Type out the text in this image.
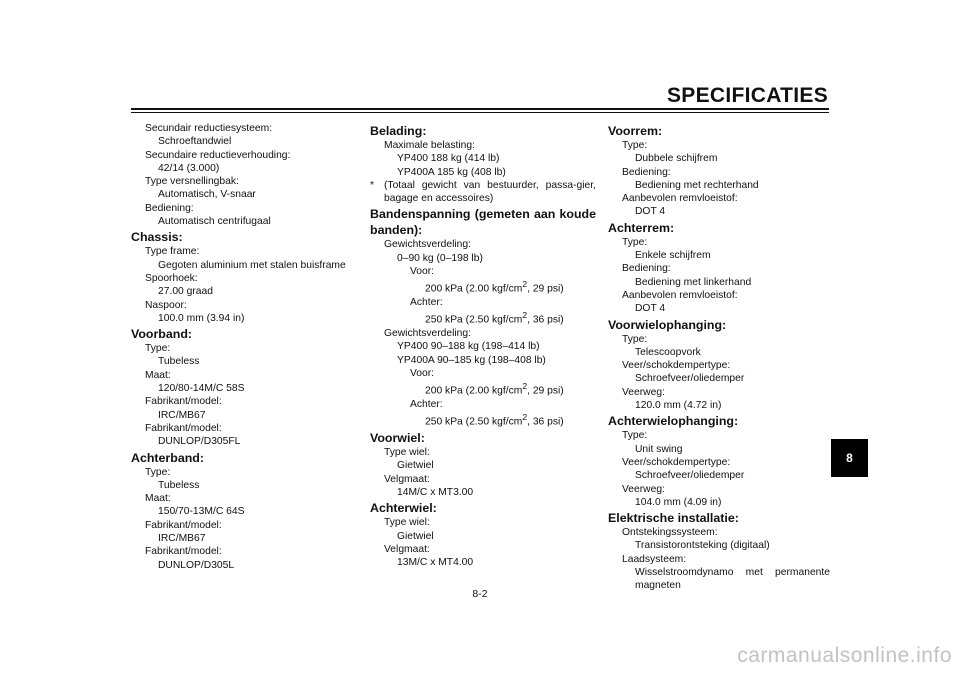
SPECIFICATIES
Secundair reductiesysteem:
Schroeftandwiel
Secundaire reductieverhouding:
42/14 (3.000)
Type versnellingbak:
Automatisch, V-snaar
Bediening:
Automatisch centrifugaal
Chassis:
Type frame:
Gegoten aluminium met stalen buisframe
Spoorhoek:
27.00 graad
Naspoor:
100.0 mm (3.94 in)
Voorband:
Type:
Tubeless
Maat:
120/80-14M/C 58S
Fabrikant/model:
IRC/MB67
Fabrikant/model:
DUNLOP/D305FL
Achterband:
Type:
Tubeless
Maat:
150/70-13M/C 64S
Fabrikant/model:
IRC/MB67
Fabrikant/model:
DUNLOP/D305L
Belading:
Maximale belasting:
YP400 188 kg (414 lb)
YP400A 185 kg (408 lb)
* (Totaal gewicht van bestuurder, passa-gier, bagage en accessoires)
Bandenspanning (gemeten aan koude banden):
Gewichtsverdeling:
0–90 kg (0–198 lb)
Voor:
200 kPa (2.00 kgf/$cm^2$, 29 psi)
Achter:
250 kPa (2.50 kgf/$cm^2$, 36 psi)
Gewichtsverdeling:
YP400 90–188 kg (198–414 lb)
YP400A 90–185 kg (198–408 lb)
Voor:
200 kPa (2.00 kgf/$cm^2$, 29 psi)
Achter:
250 kPa (2.50 kgf/$cm^2$, 36 psi)
Voorwiel:
Type wiel:
Gietwiel
Velgmaat:
14M/C x MT3.00
Achterwiel:
Type wiel:
Gietwiel
Velgmaat:
13M/C x MT4.00
Voorrem:
Type:
Dubbele schijfrem
Bediening:
Bediening met rechterhand
Aanbevolen remvloeistof:
DOT 4
Achterrem:
Type:
Enkele schijfrem
Bediening:
Bediening met linkerhand
Aanbevolen remvloeistof:
DOT 4
Voorwielophanging:
Type:
Telescoopvork
Veer/schokdempertype:
Schroefveer/oliedemper
Veerweg:
120.0 mm (4.72 in)
Achterwielophanging:
Type:
Unit swing
Veer/schokdempertype:
Schroefveer/oliedemper
Veerweg:
104.0 mm (4.09 in)
Elektrische installatie:
Ontstekingssysteem:
Transistorontsteking (digitaal)
Laadsysteem:
Wisselstroomdynamo met permanente magneten
8-2
8
carmanualsonline.info
